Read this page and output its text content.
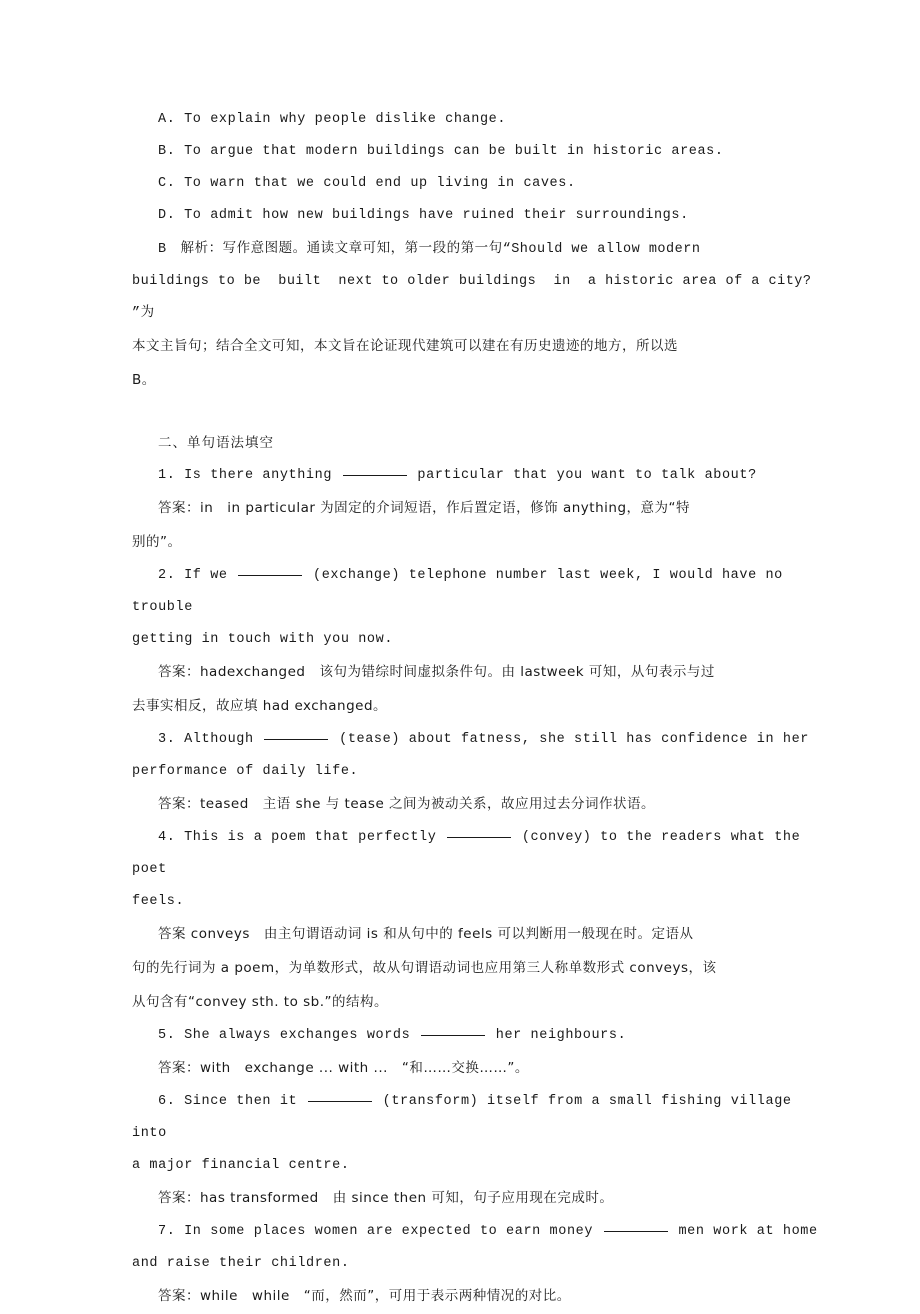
A. To explain why people dislike change.
B. To argue that modern buildings can be built in historic areas.
C. To warn that we could end up living in caves.
D. To admit how new buildings have ruined their surroundings.
B　解析：写作意图题。通读文章可知，第一段的第一句“Should we allow modern
buildings to be  built  next to older buildings  in  a historic area of a city?  ”为
本文主旨句；结合全文可知，本文旨在论证现代建筑可以建在有历史遗迹的地方，所以选
B。
二、单句语法填空
1. Is there anything	particular that you want to talk about?
答案：in　in particular 为固定的介词短语，作后置定语，修饰 anything，意为“特
别的”。
2. If we	(exchange) telephone number last week, I would have no trouble
getting in touch with you now.
答案：hadexchanged　该句为错综时间虚拟条件句。由 lastweek 可知，从句表示与过
去事实相反，故应填 had exchanged。
3. Although	(tease) about fatness, she still has confidence in her
performance of daily life.
答案：teased　主语 she 与 tease 之间为被动关系，故应用过去分词作状语。
4. This is a poem that perfectly	(convey) to the readers what the poet
feels.
答案 conveys　由主句谓语动词 is 和从句中的 feels 可以判断用一般现在时。定语从
句的先行词为 a poem，为单数形式，故从句谓语动词也应用第三人称单数形式 conveys，该
从句含有“convey sth. to sb.”的结构。
5. She always exchanges words	her neighbours.
答案：with　exchange ... with ...　“和……交换……”。
6. Since then it	(transform) itself from a small fishing village into
a major financial centre.
答案：has transformed　由 since then 可知，句子应用现在完成时。
7. In some places women are expected to earn money	men work at home
and raise their children.
答案：while　while　“而，然而”，可用于表示两种情况的对比。
